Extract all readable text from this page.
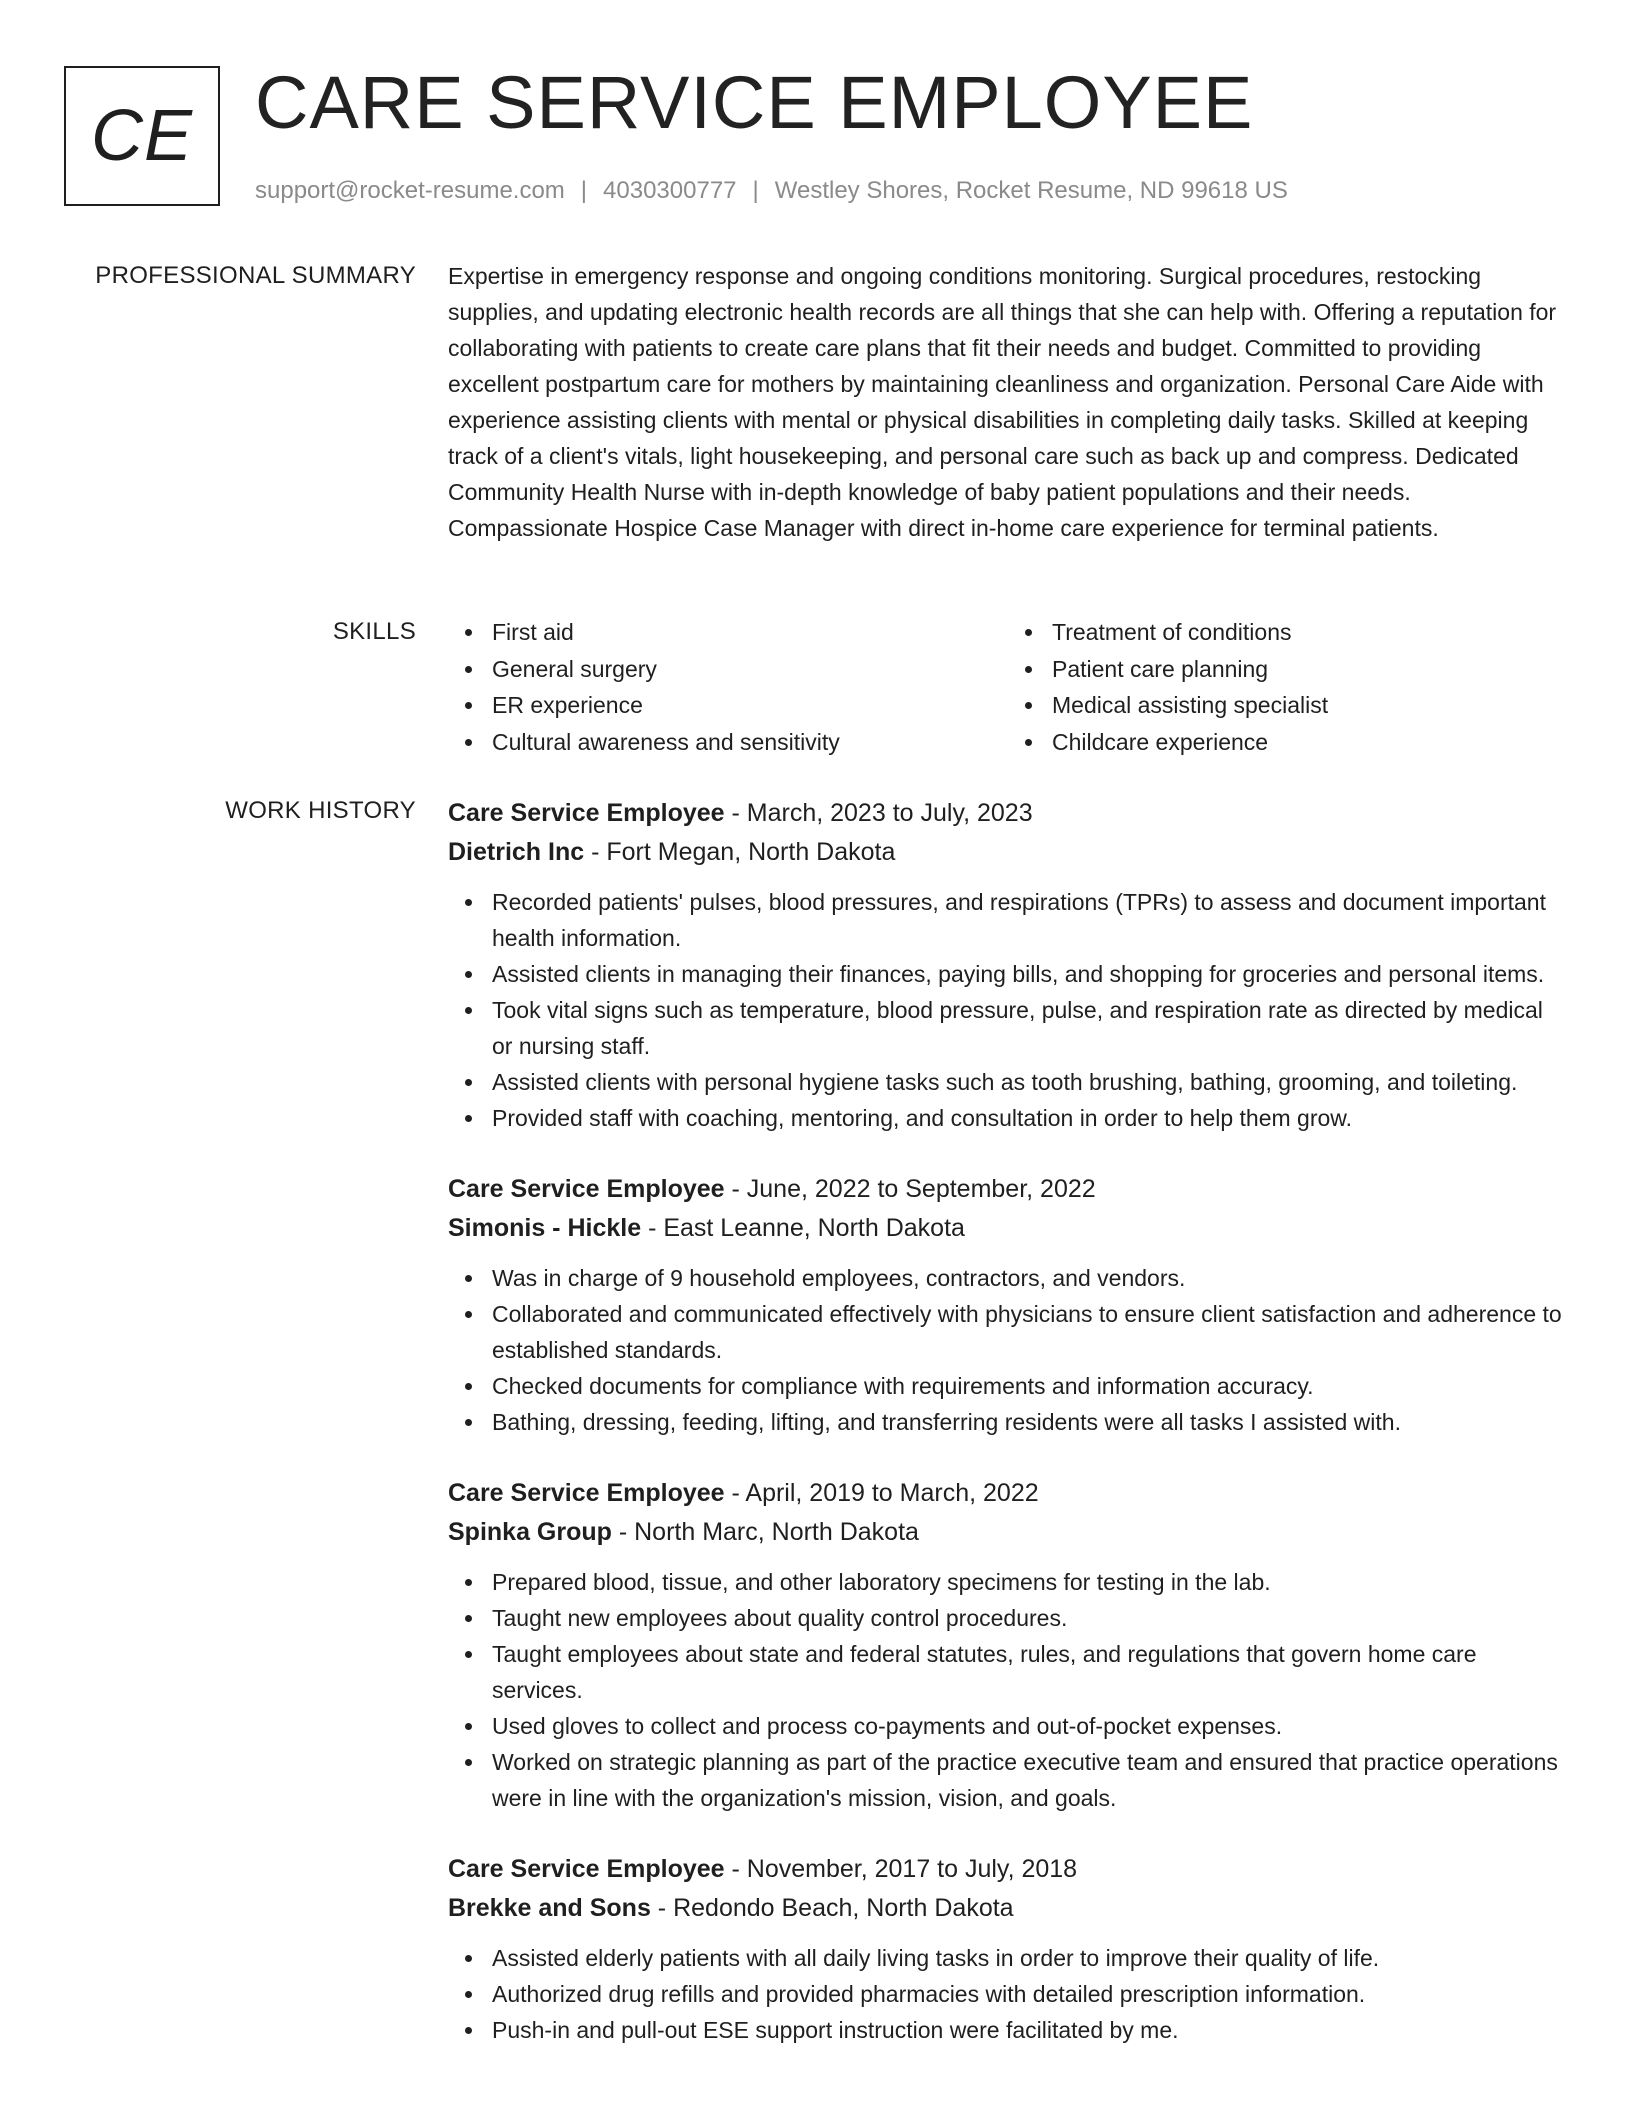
CE CARE SERVICE EMPLOYEE
support@rocket-resume.com | 4030300777 | Westley Shores, Rocket Resume, ND 99618 US
PROFESSIONAL SUMMARY Expertise in emergency response and ongoing conditions monitoring. Surgical procedures, restocking supplies, and updating electronic health records are all things that she can help with. Offering a reputation for collaborating with patients to create care plans that fit their needs and budget. Committed to providing excellent postpartum care for mothers by maintaining cleanliness and organization. Personal Care Aide with experience assisting clients with mental or physical disabilities in completing daily tasks. Skilled at keeping track of a client's vitals, light housekeeping, and personal care such as back up and compress. Dedicated Community Health Nurse with in-depth knowledge of baby patient populations and their needs. Compassionate Hospice Case Manager with direct in-home care experience for terminal patients.

SKILLS	First aid
General surgery
ER experience
Cultural awareness and sensitivity
Treatment of conditions
Patient care planning
Medical assisting specialist
Childcare experience
WORK HISTORY Care Service Employee - March, 2023 to July, 2023
Dietrich Inc - Fort Megan, North Dakota
Recorded patients' pulses, blood pressures, and respirations (TPRs) to assess and document important health information.
Assisted clients in managing their finances, paying bills, and shopping for groceries and personal items.
Took vital signs such as temperature, blood pressure, pulse, and respiration rate as directed by medical or nursing staff.
Assisted clients with personal hygiene tasks such as tooth brushing, bathing, grooming, and toileting.
Provided staff with coaching, mentoring, and consultation in order to help them grow.
Care Service Employee - June, 2022 to September, 2022
Simonis - Hickle - East Leanne, North Dakota
Was in charge of 9 household employees, contractors, and vendors.
Collaborated and communicated effectively with physicians to ensure client satisfaction and adherence to established standards.
Checked documents for compliance with requirements and information accuracy.
Bathing, dressing, feeding, lifting, and transferring residents were all tasks I assisted with.
Care Service Employee - April, 2019 to March, 2022
Spinka Group - North Marc, North Dakota
Prepared blood, tissue, and other laboratory specimens for testing in the lab.
Taught new employees about quality control procedures.
Taught employees about state and federal statutes, rules, and regulations that govern home care services.
Used gloves to collect and process co-payments and out-of-pocket expenses.
Worked on strategic planning as part of the practice executive team and ensured that practice operations were in line with the organization's mission, vision, and goals.
Care Service Employee - November, 2017 to July, 2018
Brekke and Sons - Redondo Beach, North Dakota
Assisted elderly patients with all daily living tasks in order to improve their quality of life.
Authorized drug refills and provided pharmacies with detailed prescription information.
Push-in and pull-out ESE support instruction were facilitated by me.
